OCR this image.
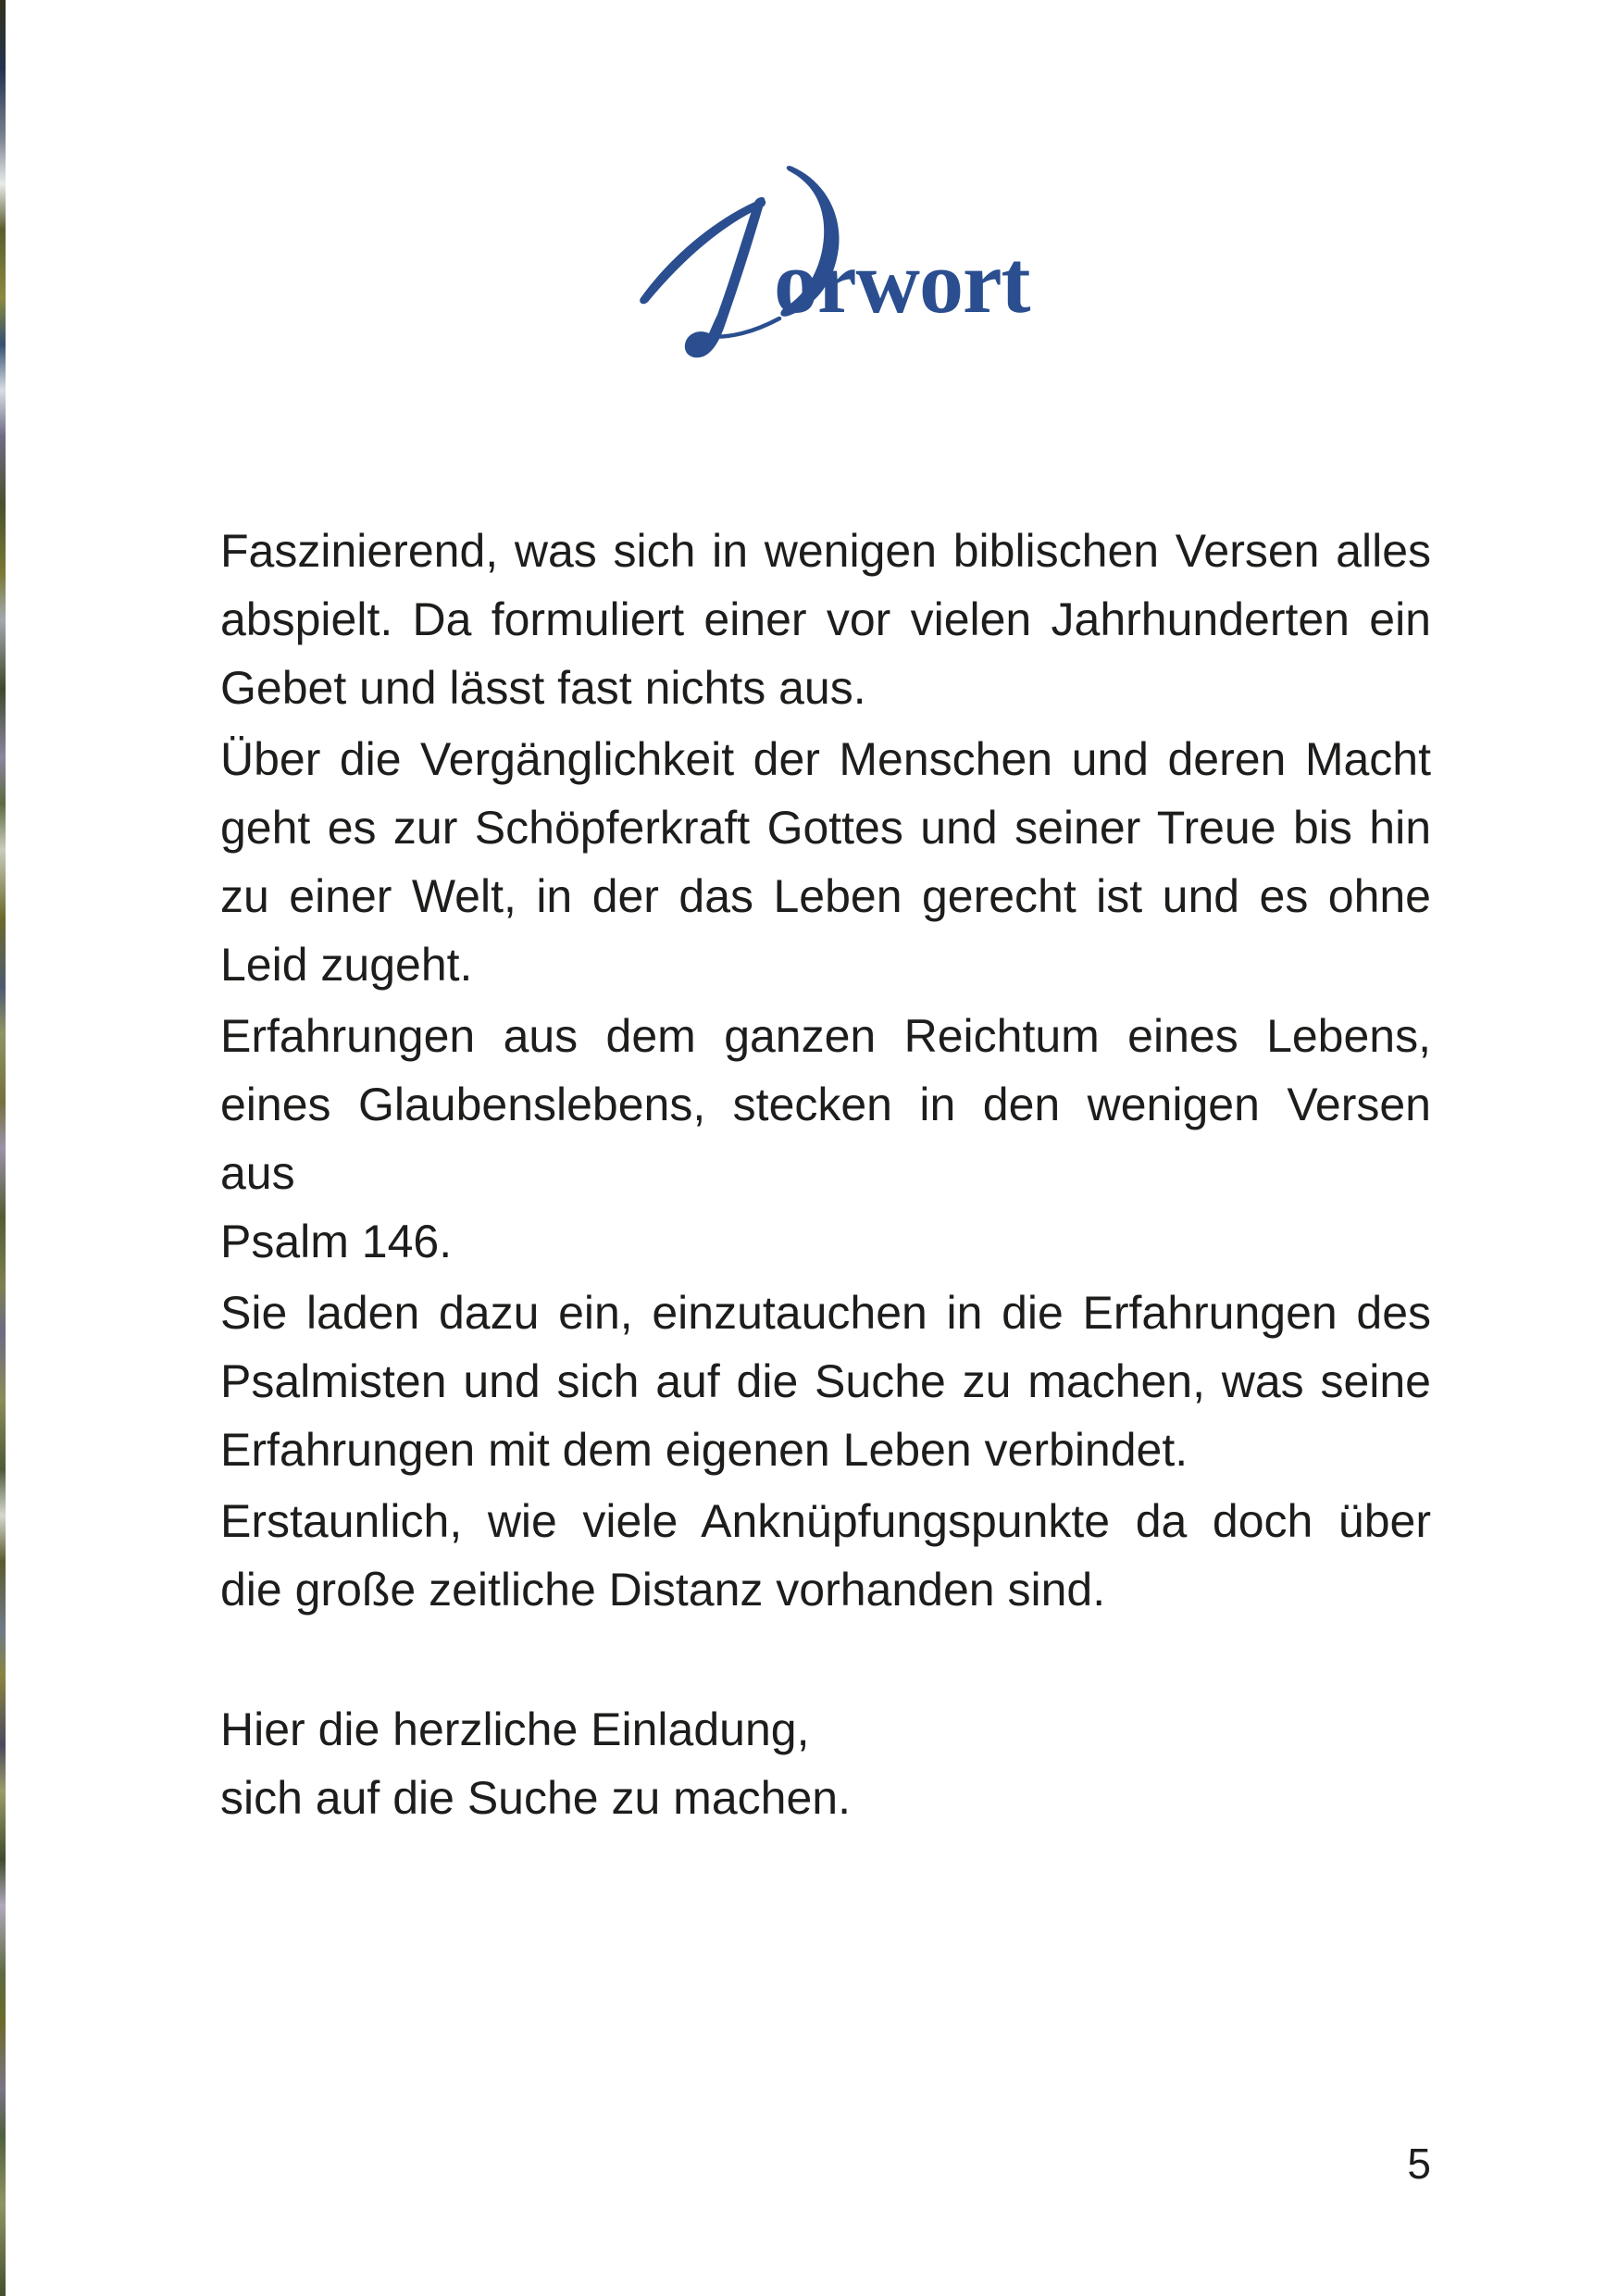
orwort
Faszinierend, was sich in wenigen biblischen Versen alles
abspielt. Da formuliert einer vor vielen Jahrhunderten ein
Gebet und lässt fast nichts aus.
Über die Vergänglichkeit der Menschen und deren Macht
geht es zur Schöpferkraft Gottes und seiner Treue bis hin
zu einer Welt, in der das Leben gerecht ist und es ohne
Leid zugeht.
Erfahrungen aus dem ganzen Reichtum eines Lebens,
eines Glaubenslebens, stecken in den wenigen Versen aus
Psalm 146.
Sie laden dazu ein, einzutauchen in die Erfahrungen des
Psalmisten und sich auf die Suche zu machen, was seine
Erfahrungen mit dem eigenen Leben verbindet.
Erstaunlich, wie viele Anknüpfungspunkte da doch über
die große zeitliche Distanz vorhanden sind.
Hier die herzliche Einladung,
sich auf die Suche zu machen.
5
